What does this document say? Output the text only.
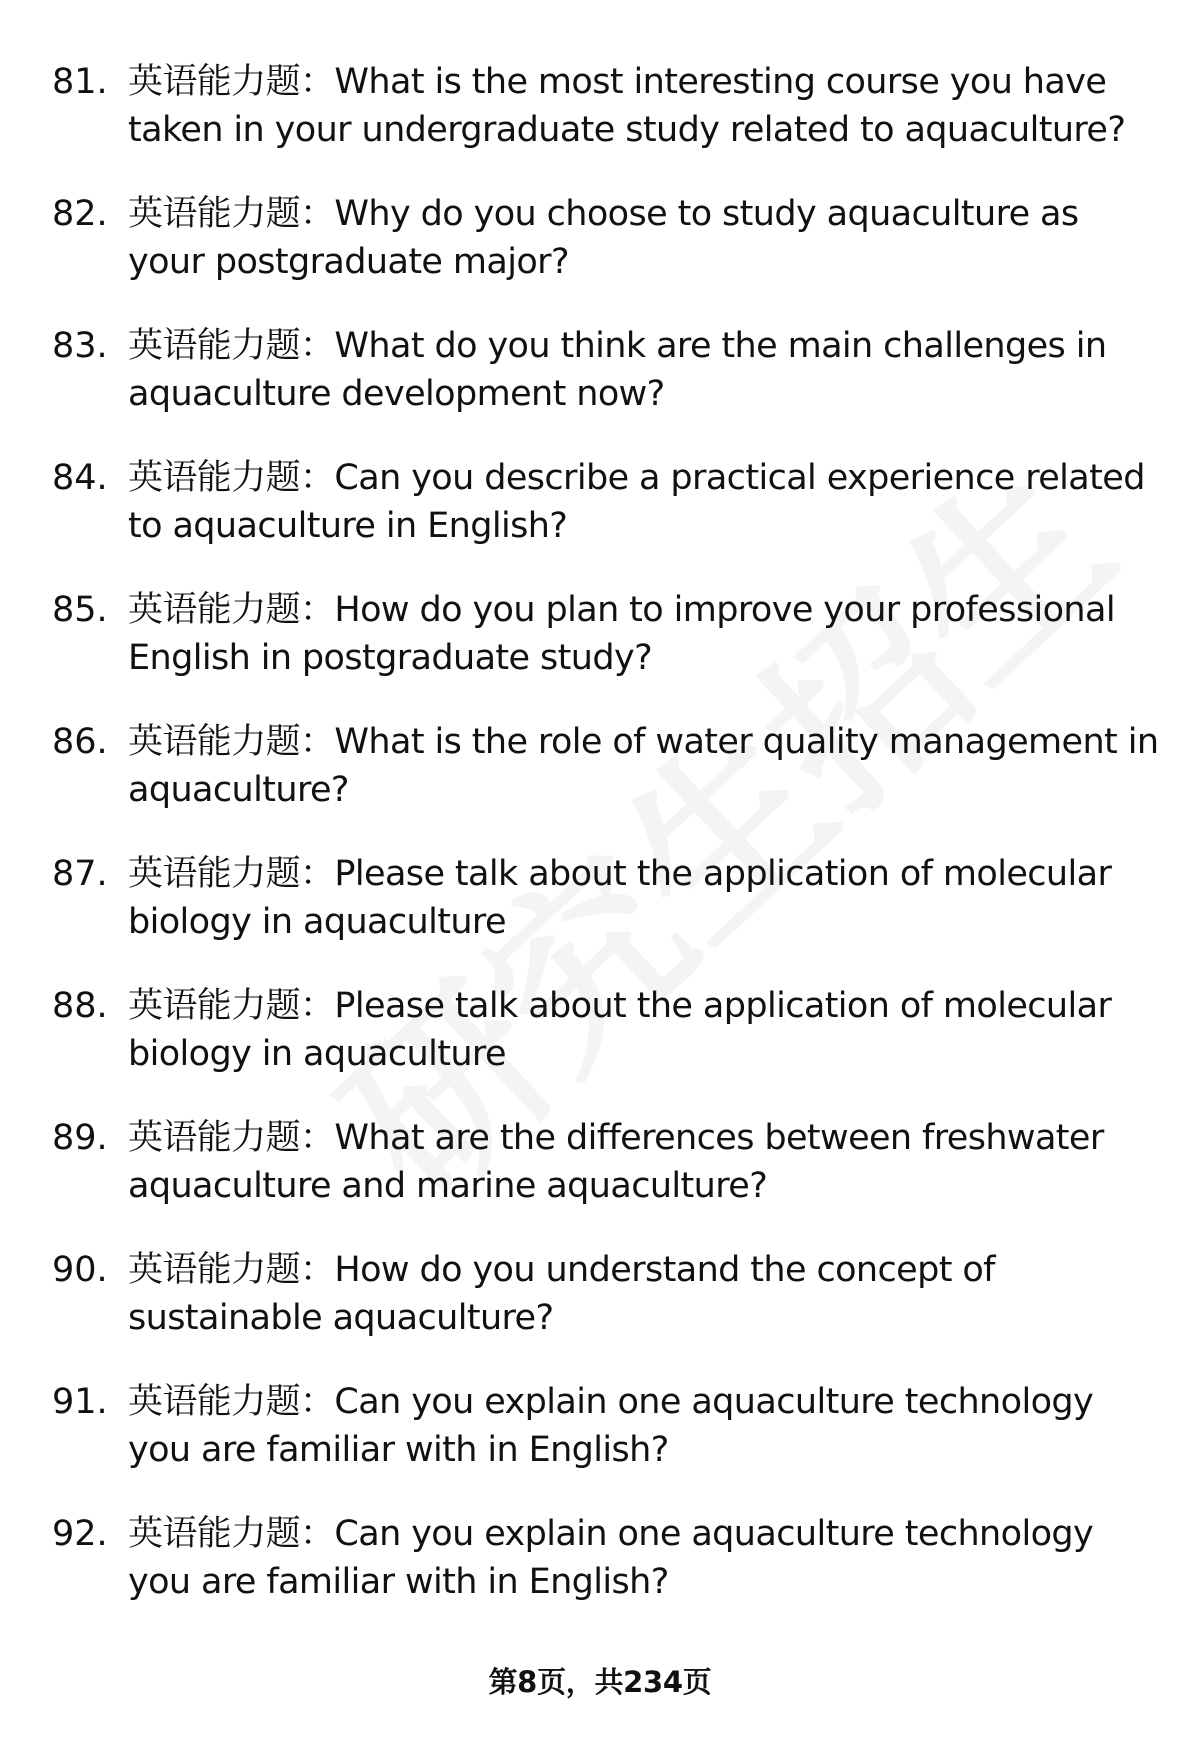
81. 英语能力题：What is the most interesting course you have taken in your undergraduate study related to aquaculture?
82. 英语能力题：Why do you choose to study aquaculture as your postgraduate major?
83. 英语能力题：What do you think are the main challenges in aquaculture development now?
84. 英语能力题：Can you describe a practical experience related to aquaculture in English?
85. 英语能力题：How do you plan to improve your professional English in postgraduate study?
86. 英语能力题：What is the role of water quality management in aquaculture?
87. 英语能力题：Please talk about the application of molecular biology in aquaculture
88. 英语能力题：Please talk about the application of molecular biology in aquaculture
89. 英语能力题：What are the differences between freshwater aquaculture and marine aquaculture?
90. 英语能力题：How do you understand the concept of sustainable aquaculture?
91. 英语能力题：Can you explain one aquaculture technology you are familiar with in English?
92. 英语能力题：Can you explain one aquaculture technology you are familiar with in English?
第8页，共234页
